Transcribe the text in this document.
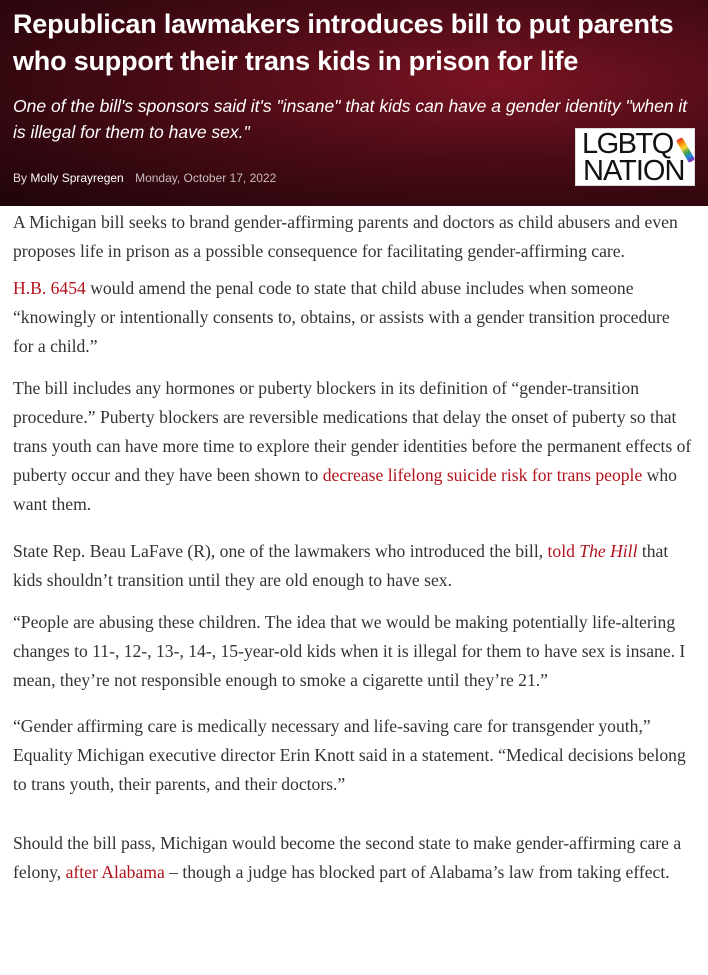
Republican lawmakers introduces bill to put parents who support their trans kids in prison for life

One of the bill's sponsors said it's "insane" that kids can have a gender identity "when it is illegal for them to have sex."

By Molly Sprayregen Monday, October 17, 2022
LGBTQ
NATION

A Michigan bill seeks to brand gender-affirming parents and doctors as child abusers and even proposes life in prison as a possible consequence for facilitating gender-affirming care.

H.B. 6454 would amend the penal code to state that child abuse includes when someone “knowingly or intentionally consents to, obtains, or assists with a gender transition procedure for a child.”

The bill includes any hormones or puberty blockers in its definition of “gender-transition procedure.” Puberty blockers are reversible medications that delay the onset of puberty so that trans youth can have more time to explore their gender identities before the permanent effects of puberty occur and they have been shown to decrease lifelong suicide risk for trans people who want them.

State Rep. Beau LaFave (R), one of the lawmakers who introduced the bill, told The Hill that kids shouldn’t transition until they are old enough to have sex.

“People are abusing these children. The idea that we would be making potentially life-altering changes to 11-, 12-, 13-, 14-, 15-year-old kids when it is illegal for them to have sex is insane. I mean, they’re not responsible enough to smoke a cigarette until they’re 21.”

“Gender affirming care is medically necessary and life-saving care for transgender youth,” Equality Michigan executive director Erin Knott said in a statement. “Medical decisions belong to trans youth, their parents, and their doctors.”

Should the bill pass, Michigan would become the second state to make gender-affirming care a felony, after Alabama – though a judge has blocked part of Alabama’s law from taking effect.
